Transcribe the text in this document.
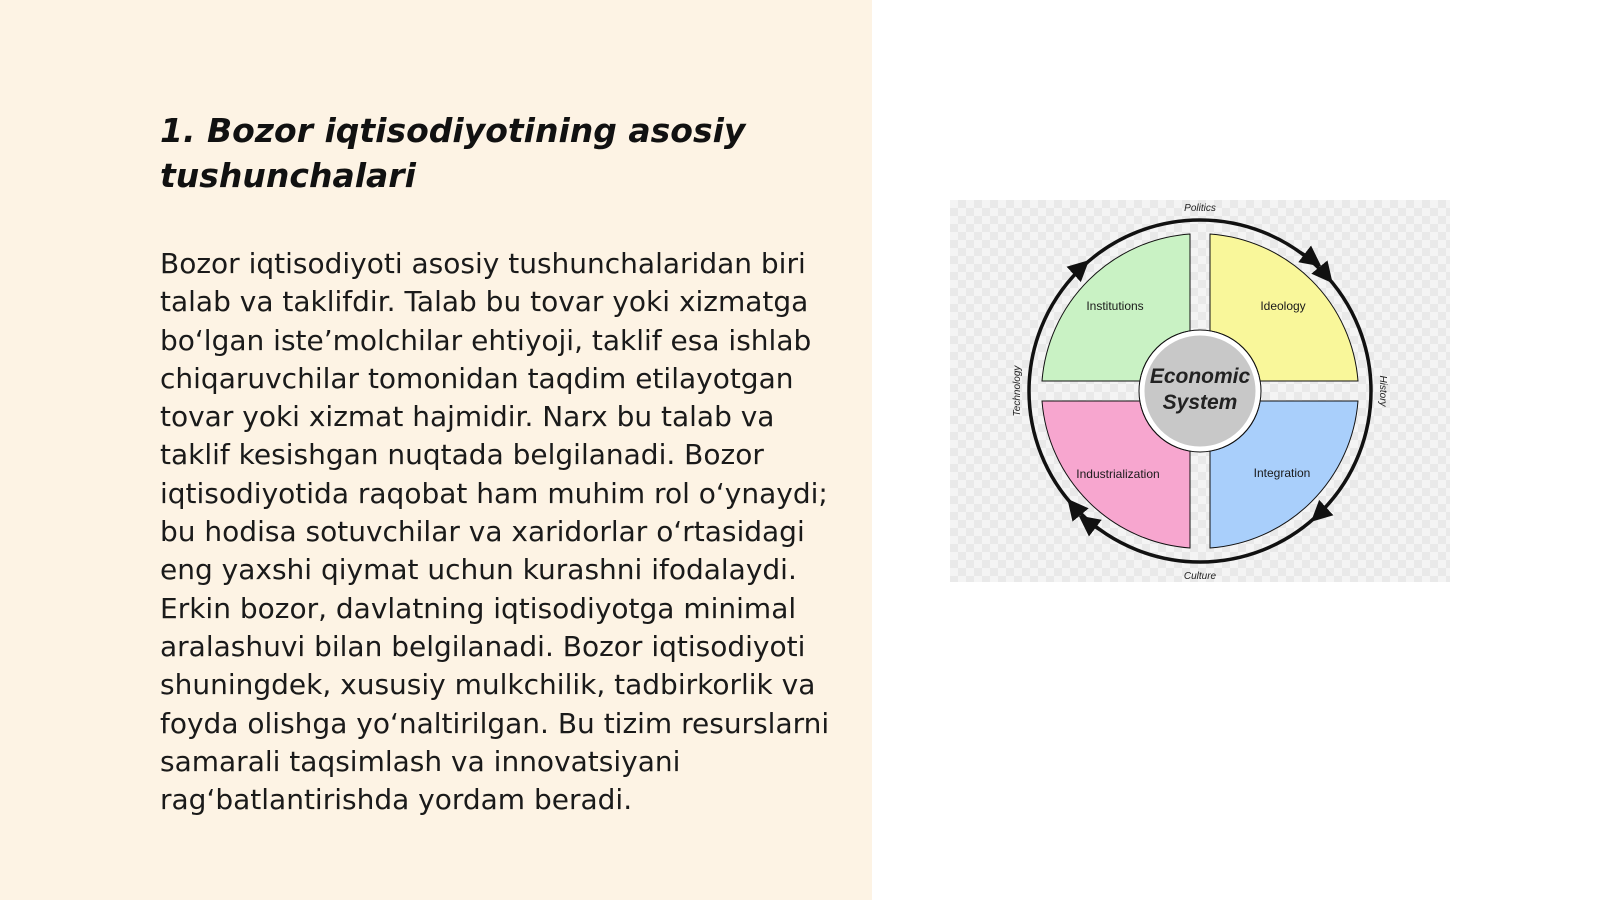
1. Bozor iqtisodiyotining asosiy tushunchalari

Bozor iqtisodiyoti asosiy tushunchalaridan biri talab va taklifdir. Talab bu tovar yoki xizmatga bo‘lgan iste’molchilar ehtiyoji, taklif esa ishlab chiqaruvchilar tomonidan taqdim etilayotgan tovar yoki xizmat hajmidir. Narx bu talab va taklif kesishgan nuqtada belgilanadi. Bozor iqtisodiyotida raqobat ham muhim rol o‘ynaydi; bu hodisa sotuvchilar va xaridorlar o‘rtasidagi eng yaxshi qiymat uchun kurashni ifodalaydi. Erkin bozor, davlatning iqtisodiyotga minimal aralashuvi bilan belgilanadi. Bozor iqtisodiyoti shuningdek, xususiy mulkchilik, tadbirkorlik va foyda olishga yo‘naltirilgan. Bu tizim resurslarni samarali taqsimlash va innovatsiyani rag‘batlantirishda yordam beradi.

Economic
System
Institutions	Ideology
Industrialization	Integration
Politics
Culture
Technology	History
